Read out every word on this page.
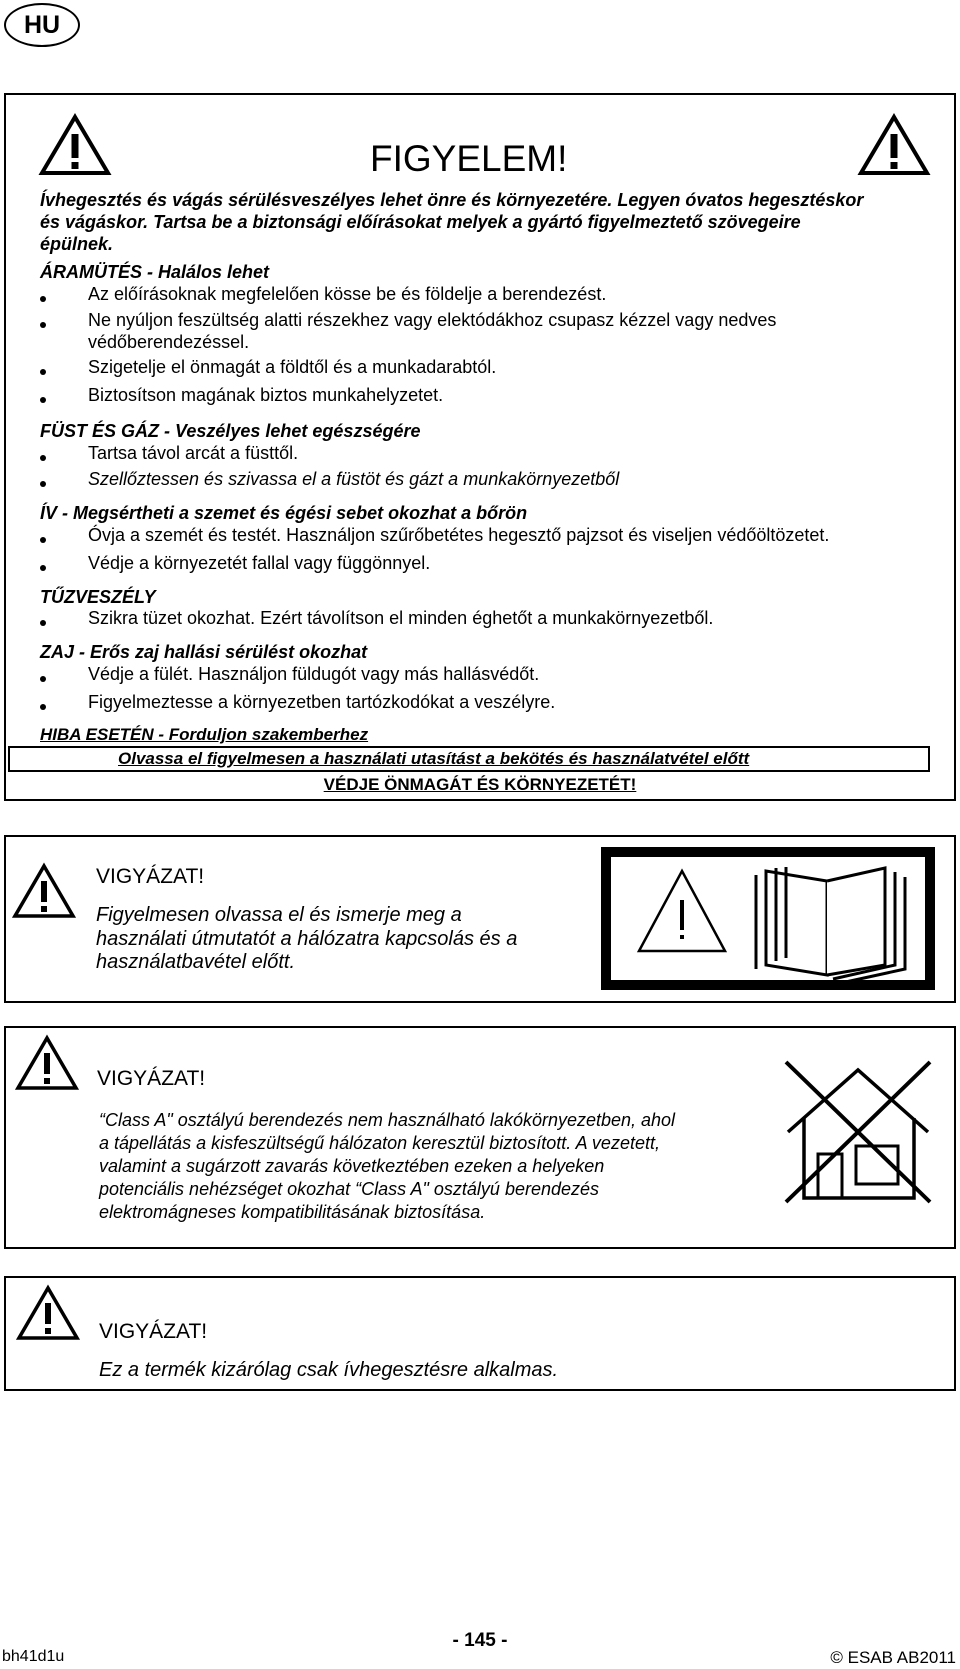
HU
FIGYELEM!
Ívhegesztés és vágás sérülésveszélyes lehet önre és környezetére. Legyen óvatos hegesztéskor
és vágáskor. Tartsa be a biztonsági előírásokat melyek a gyártó figyelmeztető szövegeire
épülnek.
ÁRAMÜTÉS - Halálos lehet
Az előírásoknak megfelelően kösse be és földelje a berendezést.
Ne nyúljon feszültség alatti részekhez vagy elektódákhoz csupasz kézzel vagy nedves
védőberendezéssel.
Szigetelje el önmagát a földtől és a munkadarabtól.
Biztosítson magának biztos munkahelyzetet.
FÜST ÉS GÁZ - Veszélyes lehet egészségére
Tartsa távol arcát a füsttől.
Szellőztessen és szivassa el a füstöt és gázt a munkakörnyezetből
ÍV - Megsértheti a szemet és égési sebet okozhat a bőrön
Óvja a szemét és testét. Használjon szűrőbetétes hegesztő pajzsot és viseljen védőöltözetet.
Védje a környezetét fallal vagy függönnyel.
TŰZVESZÉLY
Szikra tüzet okozhat. Ezért távolítson el minden éghetőt a munkakörnyezetből.
ZAJ - Erős zaj hallási sérülést okozhat
Védje a fülét. Használjon füldugót vagy más hallásvédőt.
Figyelmeztesse a környezetben tartózkodókat a veszélyre.
HIBA ESETÉN - Forduljon szakemberhez
Olvassa el figyelmesen a használati utasítást a bekötés és használatvétel előtt
VÉDJE ÖNMAGÁT ÉS KÖRNYEZETÉT!
VIGYÁZAT!
Figyelmesen olvassa el és ismerje meg a
használati útmutatót a hálózatra kapcsolás és a
használatbavétel előtt.
VIGYÁZAT!
“Class A" osztályú berendezés nem használható lakókörnyezetben, ahol
a tápellátás a kisfeszültségű hálózaton keresztül biztosított. A vezetett,
valamint a sugárzott zavarás következtében ezeken a helyeken
potenciális nehézséget okozhat “Class A" osztályú berendezés
elektromágneses kompatibilitásának biztosítása.
VIGYÁZAT!
Ez a termék kizárólag csak ívhegesztésre alkalmas.
- 145 -
bh41d1u	© ESAB AB2011
